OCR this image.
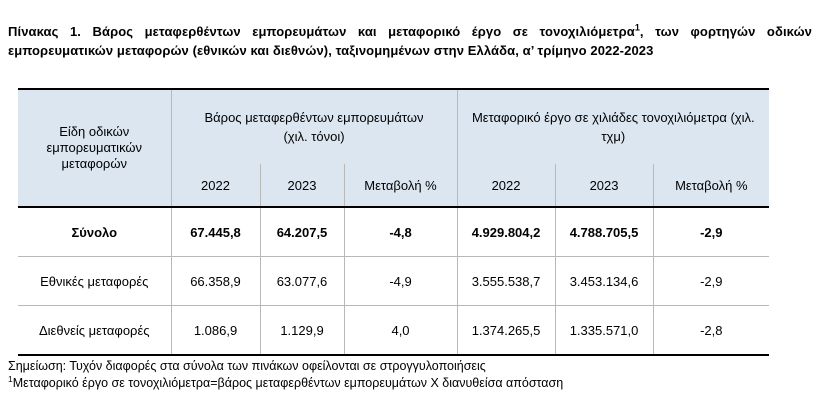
Πίνακας 1. Βάρος μεταφερθέντων εμπορευμάτων και μεταφορικό έργο σε τονοχιλιόμετρα$^1$, των φορτηγών οδικών εμπορευματικών μεταφορών (εθνικών και διεθνών), ταξινομημένων στην Ελλάδα, α’ τρίμηνο 2022-2023
Είδη οδικών εμπορευματικών μεταφορών	Βάρος μεταφερθέντων εμπορευμάτων (χιλ. τόνοι)			Μεταφορικό έργο σε χιλιάδες τονοχιλιόμετρα (χιλ. τχμ)		
	2022	2023	Μεταβολή %	2022	2023	Μεταβολή %
Σύνολο	67.445,8	64.207,5	-4,8	4.929.804,2	4.788.705,5	-2,9
Εθνικές μεταφορές	66.358,9	63.077,6	-4,9	3.555.538,7	3.453.134,6	-2,9
Διεθνείς μεταφορές	1.086,9	1.129,9	4,0	1.374.265,5	1.335.571,0	-2,8
Σημείωση: Τυχόν διαφορές στα σύνολα των πινάκων οφείλονται σε στρογγυλοποιήσεις
$^1$Μεταφορικό έργο σε τονοχιλιόμετρα=βάρος μεταφερθέντων εμπορευμάτων Χ διανυθείσα απόσταση
